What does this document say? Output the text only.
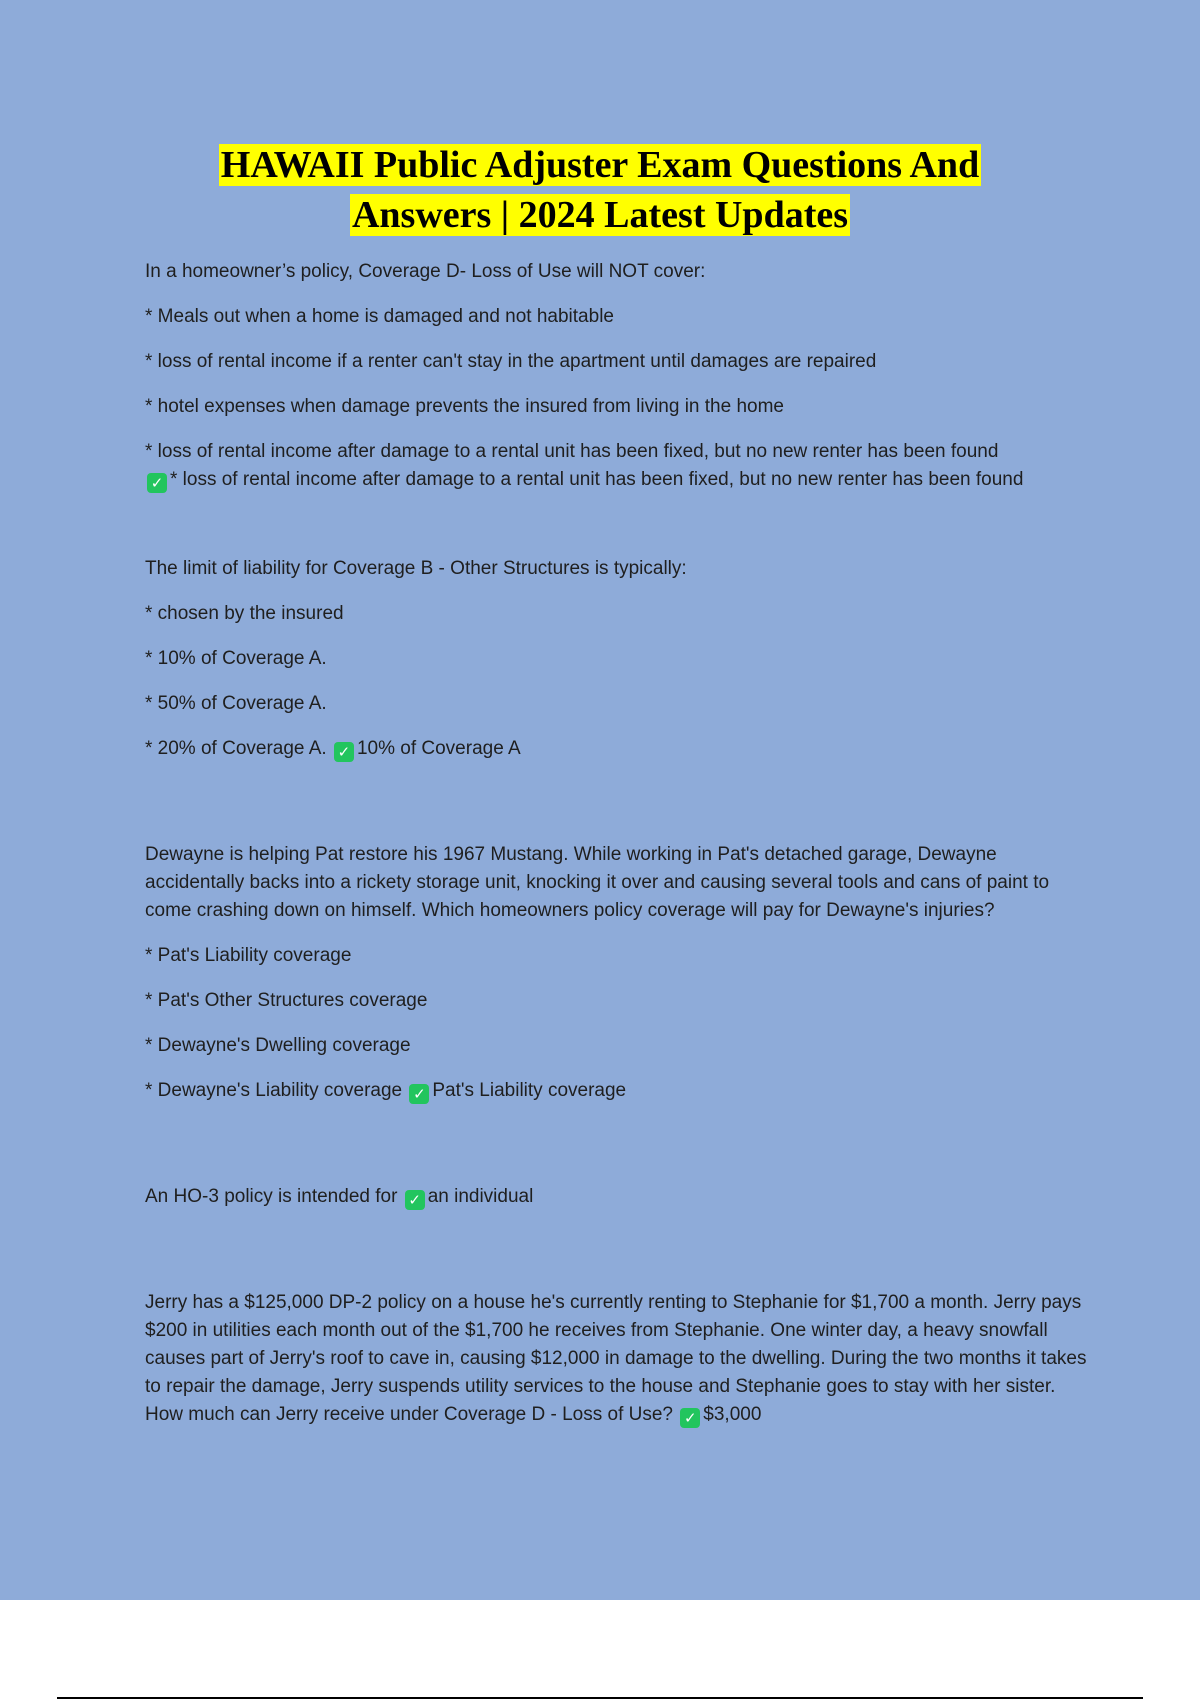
HAWAII Public Adjuster Exam Questions And
Answers | 2024 Latest Updates

In a homeowner’s policy, Coverage D- Loss of Use will NOT cover:

* Meals out when a home is damaged and not habitable

* loss of rental income if a renter can't stay in the apartment until damages are repaired

* hotel expenses when damage prevents the insured from living in the home

* loss of rental income after damage to a rental unit has been fixed, but no new renter has been found

✓ * loss of rental income after damage to a rental unit has been fixed, but no new renter has been found

The limit of liability for Coverage B - Other Structures is typically:

* chosen by the insured

* 10% of Coverage A.

* 50% of Coverage A.

* 20% of Coverage A. ✓ 10% of Coverage A

Dewayne is helping Pat restore his 1967 Mustang. While working in Pat's detached garage, Dewayne accidentally backs into a rickety storage unit, knocking it over and causing several tools and cans of paint to come crashing down on himself. Which homeowners policy coverage will pay for Dewayne's injuries?

* Pat's Liability coverage

* Pat's Other Structures coverage

* Dewayne's Dwelling coverage

* Dewayne's Liability coverage ✓ Pat's Liability coverage

An HO-3 policy is intended for ✓ an individual

Jerry has a $125,000 DP-2 policy on a house he's currently renting to Stephanie for $1,700 a month. Jerry pays $200 in utilities each month out of the $1,700 he receives from Stephanie. One winter day, a heavy snowfall causes part of Jerry's roof to cave in, causing $12,000 in damage to the dwelling. During the two months it takes to repair the damage, Jerry suspends utility services to the house and Stephanie goes to stay with her sister. How much can Jerry receive under Coverage D - Loss of Use? ✓ $3,000
